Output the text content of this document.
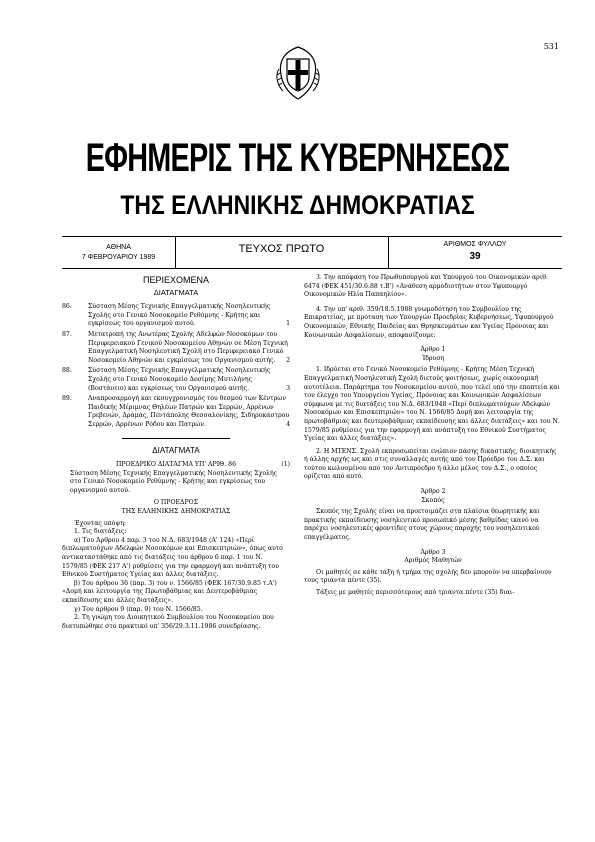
531
ΕΦΗΜΕΡΙΣ ΤΗΣ ΚΥΒΕΡΝΗΣΕΩΣ
ΤΗΣ ΕΛΛΗΝΙΚΗΣ ΔΗΜΟΚΡΑΤΙΑΣ
ΑΘΗΝΑ
7 ΦΕΒΡΟΥΑΡΙΟΥ 1989
ΤΕΥΧΟΣ ΠΡΩΤΟ	ΑΡΙΘΜΟΣ ΦΥΛΛΟΥ
39
ΠΕΡΙΕΧΟΜΕΝΑ
ΔΙΑΤΑΓΜΑΤΑ
86.	Σύσταση Μέσης Τεχνικής Επαγγελματικής Νοσηλευτικής Σχολής στο Γενικό Νοσοκομείο Ρεθύμνης - Κρήτης και εγκρίσεως του οργανισμού αυτού.	1
87.	Μετατροπή της Ανωτέρας Σχολής Αδελφών Νοσοκόμων του Περιφερειακού Γενικού Νοσοκομείου Αθηνών σε Μέση Τεχνική Επαγγελματική Νοσηλευτική Σχολή στο Περιφερειακό Γενικό Νοσοκομείο Αθηνών και εγκρίσεως του Οργανισμού αυτής. 2
88.	Σύσταση Μέσης Τεχνικής Επαγγελματικής Νοσηλευτικής Σχολής στο Γενικό Νοσοκομείο Δοσίμης Μυτιλήνης (Βοστάνειο) και εγκρίσεως του Οργανισμού αυτής.	3
89.	Αναπροσαρμογή και εκσυγχρονισμός του θεσμού των Κέντρων Παιδικής Μέριμνας Θηλέων Πατρών και Σερρών, Αρρένων Γρεβενών, Δράμας, Πεντάπολης Θεσσαλονίκης, Σιδηροκάστρου Σερρών, Αρρένων Ρόδου και Πατρών.	4
ΔΙΑΤΑΓΜΑΤΑ
ΠΡΟΕΔΡΙΚΟ ΔΙΑΤΑΓΜΑ ΥΠ' ΑΡΙΘ. 86	(1)

Σύσταση Μέσης Τεχνικής Επαγγελματικής Νοσηλευτικής Σχολής στο Γενικό Νοσοκομείο Ρεθύμνης - Κρήτης και εγκρίσεως του οργανισμού αυτού.

Ο ΠΡΟΕΔΡΟΣ
ΤΗΣ ΕΛΛΗΝΙΚΗΣ ΔΗΜΟΚΡΑΤΙΑΣ

Έχοντας υπόψη:

1. Τις διατάξεις:

α) Του Άρθρου 4 παρ. 3 του Ν.Δ. 683/1948 (Α' 124) «Περί διπλωματούχων Αδελφών Νοσοκόμων και Επισκεπτριών», όπως αυτό αντικαταστάθηκε από τις διατάξεις του άρθρου 6 παρ. 1 του Ν. 1579/85 (ΦΕΚ 217 Α') ρυθμίσεις για την εφαρμογή και ανάπτυξη του Εθνικού Συστήματος Υγείας και άλλες διατάξεις.

β) Του άρθρου 36 (παρ. 3) του ν. 1566/85 (ΦΕΚ 167/30.9.85 τ.Α') «Δομή και λειτουργία της Πρωτοβάθμιας και Δευτεροβάθμιας εκπαίδευσης και άλλες διατάξεις».

γ) Του άρθρου 9 (παρ. 9) του Ν. 1566/85.

2. Τη γνώμη του Διοικητικού Συμβουλίου του Νοσοκομείου που διατυπώθηκε στο πρακτικό υπ' 356/29.3.11.1986 συνεδρίασης.

3. Την απόφαση του Πρωθυπουργού και Υπουργού του Οικονομικών αριθ. 6474 (ΦΕΚ 451/30.6.88 τ.Β') «Ανάθεση αρμοδιοτήτων στον Υφυπουργό Οικονομικών Ηλία Παπαηλίου».

4. Την υπ' αριθ. 359/18.5.1988 γνωμοδότηση του Συμβουλίου της Επικρατείας, με πρόταση των Υπουργών Προεδρίας Κυβερνήσεως, Υφυπουργού Οικονομικών, Εθνικής Παιδείας και Θρησκευμάτων και Υγείας Πρόνοιας και Κοινωνικών Ασφαλίσεων, αποφασίζουμε:

Άρθρο 1
Ίδρυση

1. Ιδρύεται στο Γενικό Νοσοκομείο Ρεθύμνης - Κρήτης Μέση Τεχνική Επαγγελματική Νοσηλευτική Σχολή διετούς φοιτήσεως, χωρίς οικονομική αυτοτέλεια. Παράρτημα του Νοσοκομείου αυτού, που τελεί υπό την εποπτεία και τον έλεγχο του Υπουργείου Υγείας, Πρόνοιας και Κοινωνικών Ασφαλίσεων σύμφωνα με τις διατάξεις του Ν.Δ. 683/1948 «Περί διπλωματούχων Αδελφών Νοσοκόμων και Επισκεπτριών» του Ν. 1566/85 Δομή και λειτουργία της πρωτοβάθμιας και δευτεροβάθμιας εκπαίδευσης και άλλες διατάξεις» και του Ν. 1579/85 ρυθμίσεις για την εφαρμογή και ανάπτυξη του Εθνικού Συστήματος Υγείας και άλλες διατάξεις».

2. Η ΜΤΕΝΣ. Σχολή εκπροσωπείται ενώπιον πάσης δικαστικής, διοικητικής ή άλλης αρχής ως και στις συναλλαγές αυτής από τον Πρόεδρο του Δ.Σ. και τούτου κωλυομένου από τον Αντιπρόεδρο ή άλλο μέλος του Δ.Σ., ο οποίος ορίζεται από αυτό.

Άρθρο 2
Σκοπός

Σκοπός της Σχολής είναι να προετοιμάζει στα πλαίσια θεωρητικής και πρακτικής εκπαίδευσης νοσηλευτικό προσωπικό μέσης βαθμίδας ικανό να παρέχει νοσηλευτικές φροντίδες στους χώρους παροχής του νοσηλευτικού επαγγέλματος.

Άρθρο 3
Αριθμός Μαθητών

Οι μαθητές σε κάθε τάξη ή τμήμα της σχολής δεν μπορούν να υπερβαίνουν τους τριάντα πέντε (35).

Τάξεις με μαθητές περισσότερους από τριάντα πέντε (35) διαι-
